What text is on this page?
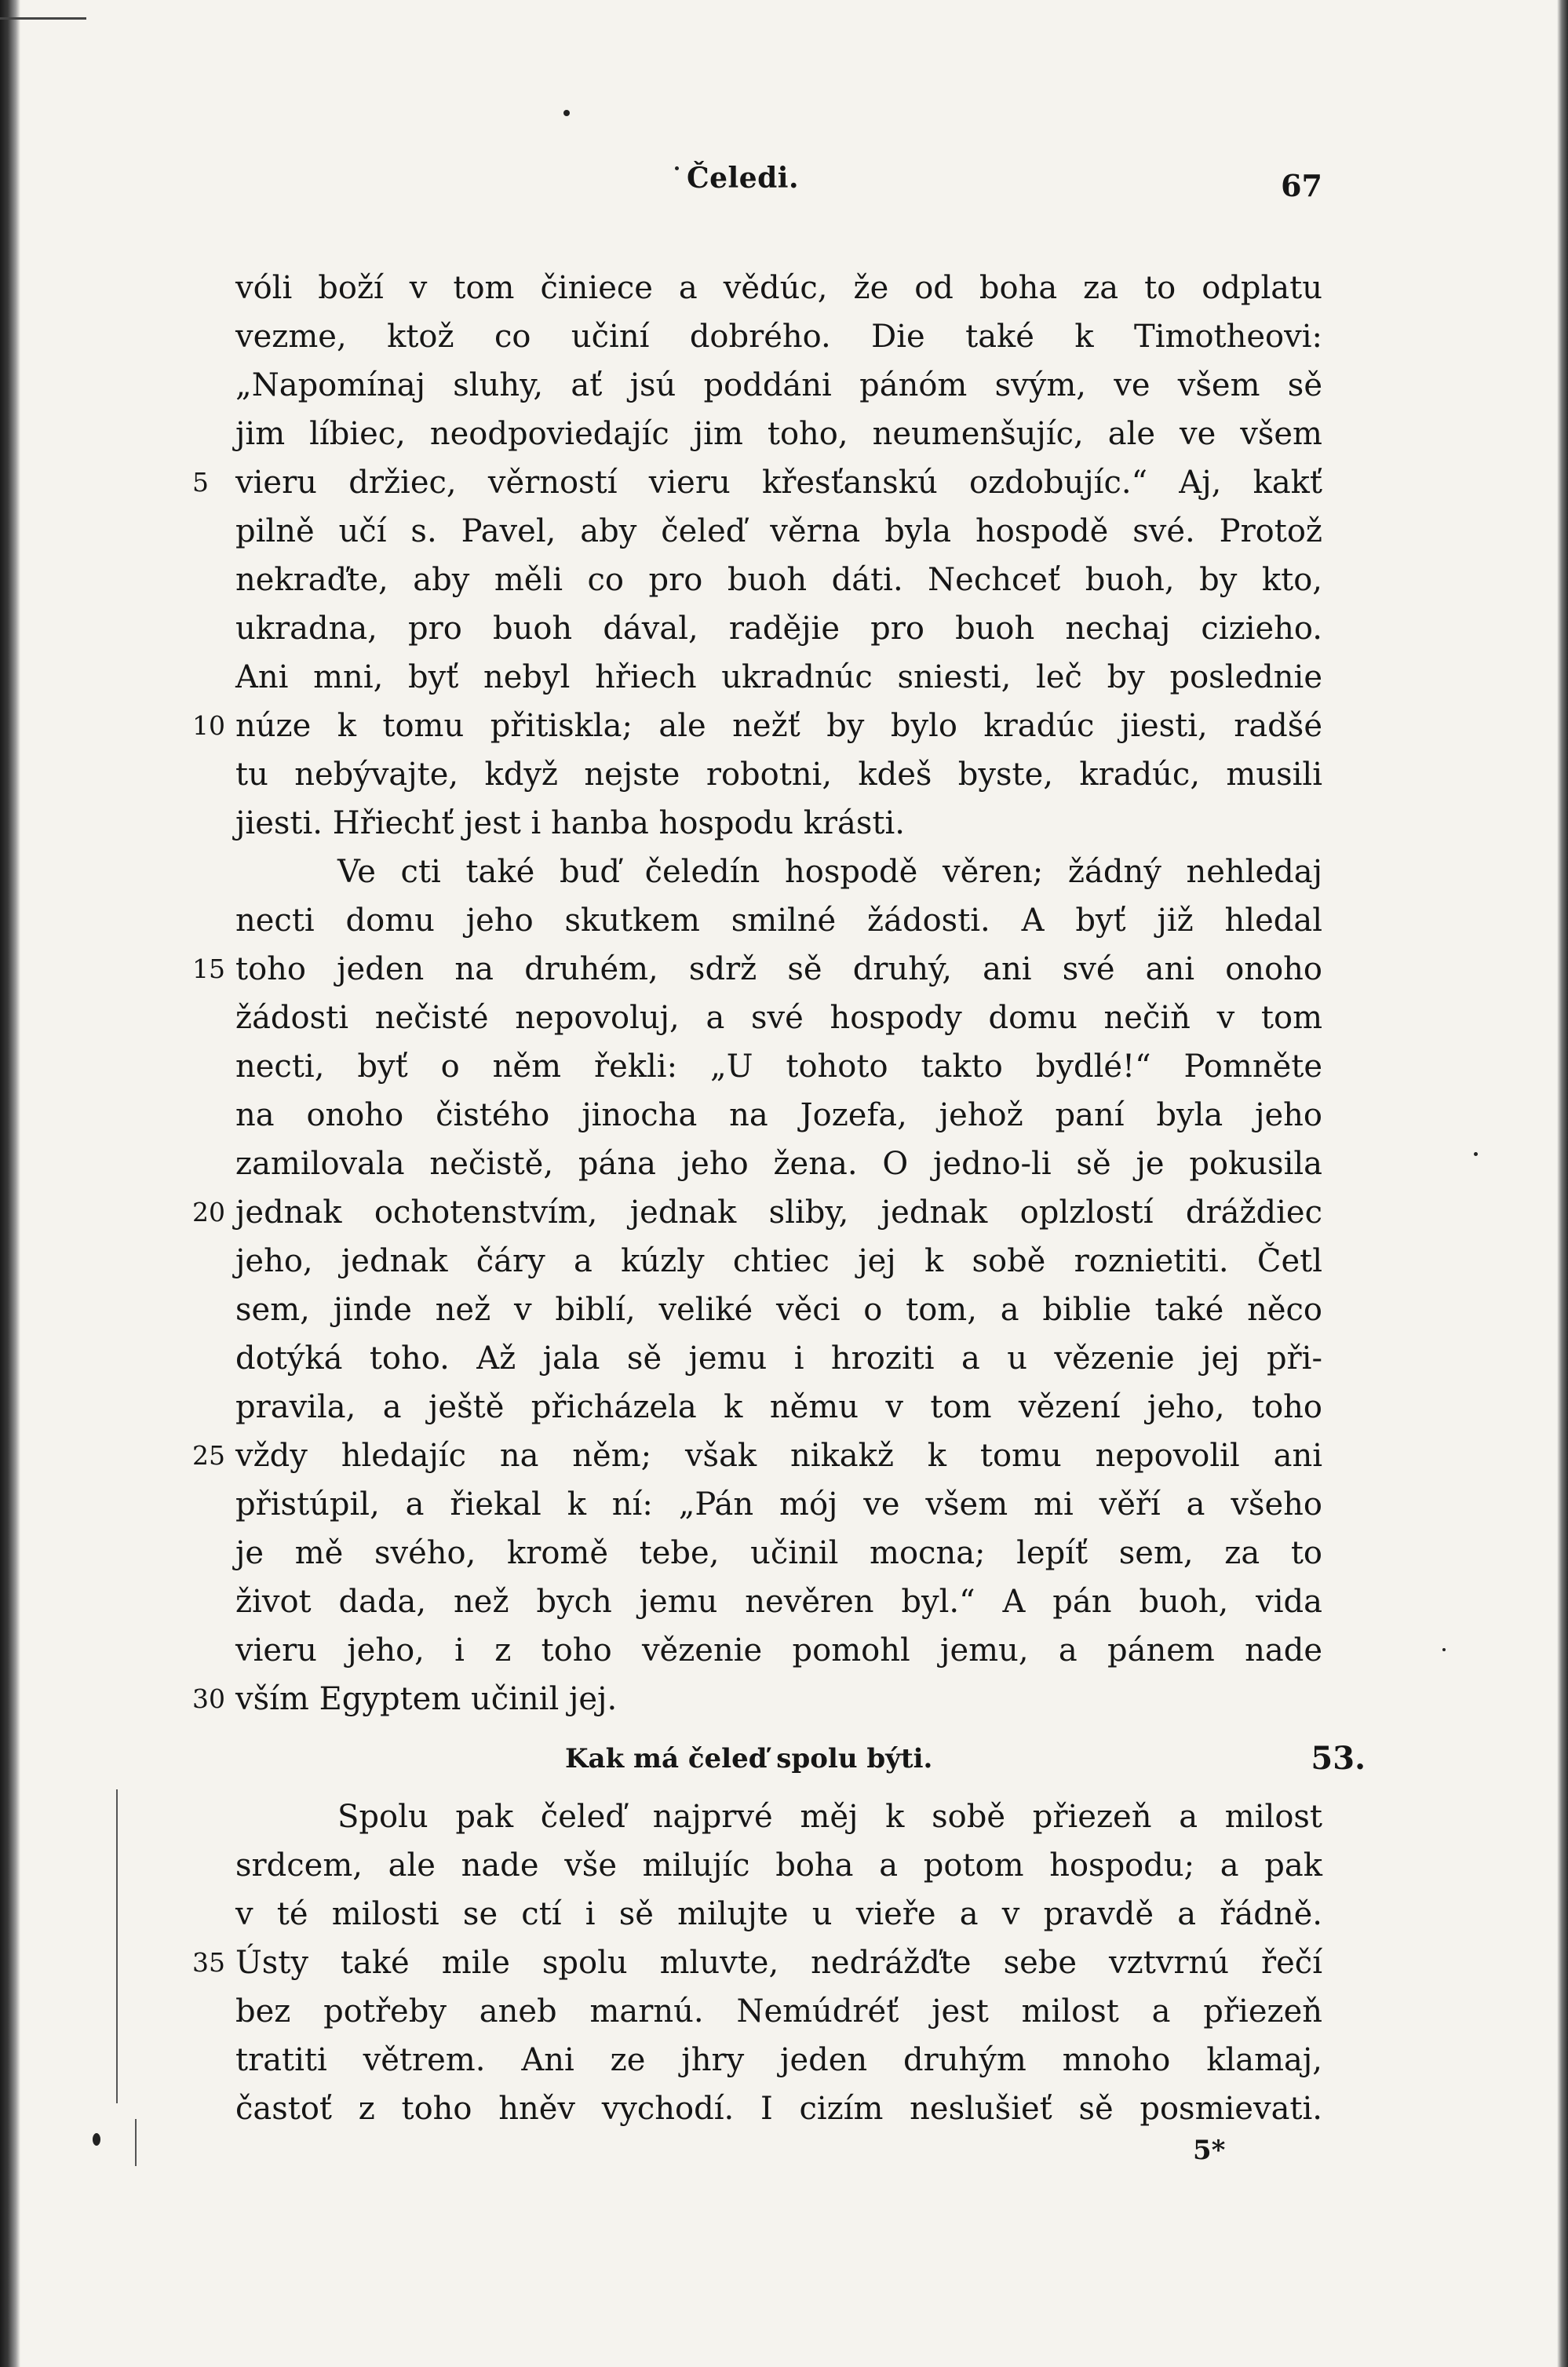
Čeledi.	67
vóli boží v tom činiece a vědúc, že od boha za to odplatu
vezme, ktož co učiní dobrého. Die také k Timotheovi:
„Napomínaj sluhy, ať jsú poddáni pánóm svým, ve všem sě
jim líbiec, neodpoviedajíc jim toho, neumenšujíc, ale ve všem
vieru držiec, věrností vieru křesťanskú ozdobujíc.“ Aj, kakť
pilně učí s. Pavel, aby čeleď věrna byla hospodě své. Protož
nekraďte, aby měli co pro buoh dáti. Nechceť buoh, by kto,
ukradna, pro buoh dával, radějie pro buoh nechaj cizieho.
Ani mni, byť nebyl hřiech ukradnúc sniesti, leč by poslednie
núze k tomu přitiskla; ale nežť by bylo kradúc jiesti, radšé
tu nebývajte, když nejste robotni, kdeš byste, kradúc, musili
jiesti. Hřiechť jest i hanba hospodu krásti.
Ve cti také buď čeledín hospodě věren; žádný nehledaj
necti domu jeho skutkem smilné žádosti. A byť již hledal
toho jeden na druhém, sdrž sě druhý, ani své ani onoho
žádosti nečisté nepovoluj, a své hospody domu nečiň v tom
necti, byť o něm řekli: „U tohoto takto bydlé!“ Pomněte
na onoho čistého jinocha na Jozefa, jehož paní byla jeho
zamilovala nečistě, pána jeho žena. O jedno-li sě je pokusila
jednak ochotenstvím, jednak sliby, jednak oplzlostí dráždiec
jeho, jednak čáry a kúzly chtiec jej k sobě roznietiti. Četl
sem, jinde než v biblí, veliké věci o tom, a biblie také něco
dotýká toho. Až jala sě jemu i hroziti a u vězenie jej při-
pravila, a ještě přicházela k němu v tom vězení jeho, toho
vždy hledajíc na něm; však nikakž k tomu nepovolil ani
přistúpil, a řiekal k ní: „Pán mój ve všem mi věří a všeho
je mě svého, kromě tebe, učinil mocna; lepíť sem, za to
život dada, než bych jemu nevěren byl.“ A pán buoh, vida
vieru jeho, i z toho vězenie pomohl jemu, a pánem nade
vším Egyptem učinil jej.
5
10
15
20
25
30
Kak má čeleď spolu býti.	53.
Spolu pak čeleď najprvé měj k sobě přiezeň a milost
srdcem, ale nade vše milujíc boha a potom hospodu; a pak
v té milosti se ctí i sě milujte u vieře a v pravdě a řádně.
Ústy také mile spolu mluvte, nedrážďte sebe vztvrnú řečí
bez potřeby aneb marnú. Nemúdréť jest milost a přiezeň
tratiti větrem. Ani ze jhry jeden druhým mnoho klamaj,
častoť z toho hněv vychodí. I cizím neslušieť sě posmievati.
35
5*
